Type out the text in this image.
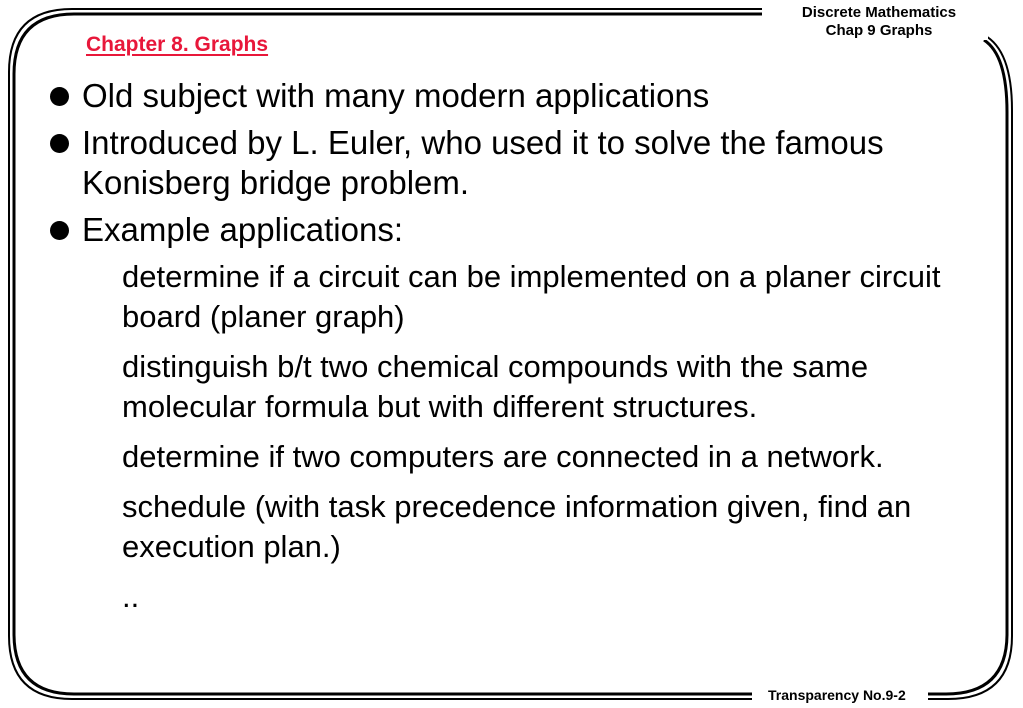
Discrete Mathematics
Chap 9 Graphs
Chapter 8. Graphs
Old subject with many modern applications
Introduced by L. Euler, who used it to solve the famous Konisberg bridge problem.
Example applications:
determine if a circuit can be implemented on a planer circuit board (planer graph)
distinguish b/t two chemical compounds with the same molecular formula but with different structures.
determine if two computers are connected in a network.
schedule (with task precedence information given, find an execution plan.)
..
Transparency No.9-2
